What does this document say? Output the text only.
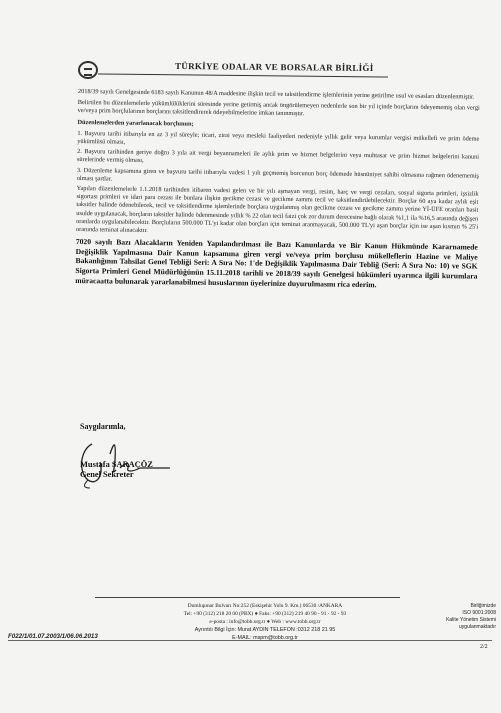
TÜRKİYE ODALAR VE BORSALAR BİRLİĞİ

2018/39 sayılı Genelgesinde 6183 sayılı Kanunun 48/A maddesine ilişkin tecil ve taksitlendirme işlemlerinin yerine getirilme usul ve esasları düzenlenmiştir.

Belirtilen bu düzenlemelerle yükümlülüklerini süresinde yerine getirmiş ancak öngörülemeyen nedenlerle son bir yıl içinde borçlarını ödeyememiş olan vergi ve/veya prim borçlularının borçlarını taksitlendirerek ödeyebilmelerine imkan tanınmıştır.

Düzenlemelerden yararlanacak borçlunun;

1. Başvuru tarihi itibarıyla en az 3 yıl süreyle; ticari, zirai veya mesleki faaliyetleri nedeniyle yıllık gelir veya kurumlar vergisi mükellefi ve prim ödeme yükümlüsü olması,

2. Başvuru tarihinden geriye doğru 3 yıla ait vergi beyannameleri ile aylık prim ve hizmet belgelerini veya muhtasar ve prim hizmet belgelerini kanuni sürelerinde vermiş olması,

3. Düzenleme kapsamına giren ve başvuru tarihi itibarıyla vadesi 1 yılı geçmemiş borcunun borç ödemede hüsnüniyet sahibi olmasına rağmen ödenememiş olması şartlar.

Yapılan düzenlemelerle 1.1.2018 tarihinden itibaren vadesi gelen ve bir yılı aşmayan vergi, resim, harç ve vergi cezaları, sosyal sigorta primleri, işsizlik sigortası primleri ve idari para cezası ile bunlara ilişkin gecikme cezası ve gecikme zammı tecil ve taksitlendirilebilecektir. Borçlar 60 aya kadar aylık eşit taksitler halinde ödenebilecek, tecil ve taksitlendirme işlemlerinde borçlara uygulanmış olan gecikme cezası ve gecikme zammı yerine Yİ-ÜFE oranları basit usulde uygulanacak, borçların taksitler halinde ödenmesinde yıllık % 22 olan tecil faizi çok zor durum derecesine bağlı olarak %1,1 ila %16,5 arasında değişen oranlarda uygulanabilecektir. Borçluların 500.000 TL'yi kadar olan borçları için teminat aranmayacak, 500.000 TL'yi aşan borçlar için ise aşan kısmın % 25'i oranında teminat alınacaktır.

7020 sayılı Bazı Alacakların Yeniden Yapılandırılması ile Bazı Kanunlarda ve Bir Kanun Hükmünde Kararnamede Değişiklik Yapılmasına Dair Kanun kapsamına giren vergi ve/veya prim borçlusu mükelleflerin Hazine ve Maliye Bakanlığının Tahsilat Genel Tebliği Seri: A Sıra No: 1'de Değişiklik Yapılmasına Dair Tebliğ (Seri: A Sıra No: 10) ve SGK Sigorta Primleri Genel Müdürlüğünün 15.11.2018 tarihli ve 2018/39 sayılı Genelgesi hükümleri uyarınca ilgili kurumlara müracaatta bulunarak yararlanabilmesi hususlarının üyelerinize duyurulmasını rica ederim.

Saygılarımla,
Mustafa SARAÇÖZ
Genel Sekreter
Dumlupınar Bulvarı No:252 (Eskişehir Yolu 9. Km.) 06530 /ANKARA
Tel: +90 (312) 218 20 00 (PBX) ● Faks: +90 (312) 219 40 90 - 91 - 92 - 93
e-posta : info@tobb.org.tr ● Web : www.tobb.org.tr
Ayrıntılı Bilgi İçin: Murat AYDIN TELEFON :0312 218 21 95
E-MAIL: mspm@tobb.org.tr
Birliğimizde
ISO 9001:2008
Kalite Yönetim Sistemi
uygulanmaktadır
F022/1/01.07.2003/1/06.06.2013
2/2
